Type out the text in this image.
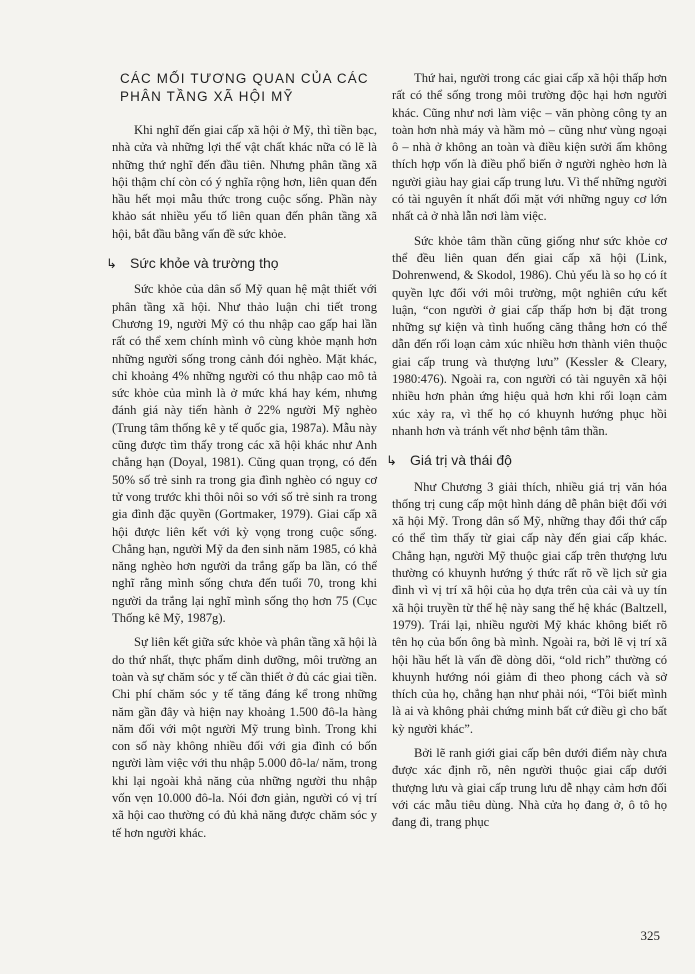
CÁC MỐI TƯƠNG QUAN CỦA CÁC
PHÂN TẦNG XÃ HỘI MỸ

Khi nghĩ đến giai cấp xã hội ở Mỹ, thì tiền bạc, nhà cửa và những lợi thế vật chất khác nữa có lẽ là những thứ nghĩ đến đầu tiên. Nhưng phân tầng xã hội thậm chí còn có ý nghĩa rộng hơn, liên quan đến hầu hết mọi mẫu thức trong cuộc sống. Phần này khảo sát nhiều yếu tố liên quan đến phân tầng xã hội, bắt đầu bằng vấn đề sức khỏe.

↳ Sức khỏe và trường thọ

Sức khỏe của dân số Mỹ quan hệ mật thiết với phân tầng xã hội. Như thảo luận chi tiết trong Chương 19, người Mỹ có thu nhập cao gấp hai lần rất có thể xem chính mình vô cùng khỏe mạnh hơn những người sống trong cảnh đói nghèo. Mặt khác, chỉ khoảng 4% những người có thu nhập cao mô tả sức khỏe của mình là ở mức khá hay kém, nhưng đánh giá này tiến hành ở 22% người Mỹ nghèo (Trung tâm thống kê y tế quốc gia, 1987a). Mẫu này cũng được tìm thấy trong các xã hội khác như Anh chẳng hạn (Doyal, 1981). Cũng quan trọng, có đến 50% số trẻ sinh ra trong gia đình nghèo có nguy cơ tử vong trước khi thôi nôi so với số trẻ sinh ra trong gia đình đặc quyền (Gortmaker, 1979). Giai cấp xã hội được liên kết với kỳ vọng trong cuộc sống. Chẳng hạn, người Mỹ da đen sinh năm 1985, có khả năng nghèo hơn người da trắng gấp ba lần, có thể nghĩ rằng mình sống chưa đến tuổi 70, trong khi người da trắng lại nghĩ mình sống thọ hơn 75 (Cục Thống kê Mỹ, 1987g).

Sự liên kết giữa sức khỏe và phân tầng xã hội là do thứ nhất, thực phẩm dinh dưỡng, môi trường an toàn và sự chăm sóc y tế cần thiết ở đủ các giai tiền. Chi phí chăm sóc y tế tăng đáng kể trong những năm gần đây và hiện nay khoảng 1.500 đô-la hàng năm đối với một người Mỹ trung bình. Trong khi con số này không nhiều đối với gia đình có bốn người làm việc với thu nhập 5.000 đô-la/ năm, trong khi lại ngoài khả năng của những người thu nhập vốn vẹn 10.000 đô-la. Nói đơn giản, người có vị trí xã hội cao thường có đủ khả năng được chăm sóc y tế hơn người khác.

Thứ hai, người trong các giai cấp xã hội thấp hơn rất có thể sống trong môi trường độc hại hơn người khác. Cũng như nơi làm việc – văn phòng công ty an toàn hơn nhà máy và hầm mỏ – cũng như vùng ngoại ô – nhà ở không an toàn và điều kiện sưởi ấm không thích hợp vốn là điều phổ biến ở người nghèo hơn là người giàu hay giai cấp trung lưu. Vì thế những người có tài nguyên ít nhất đối mặt với những nguy cơ lớn nhất cả ở nhà lẫn nơi làm việc.

Sức khỏe tâm thần cũng giống như sức khỏe cơ thể đều liên quan đến giai cấp xã hội (Link, Dohrenwend, & Skodol, 1986). Chủ yếu là so họ có ít quyền lực đối với môi trường, một nghiên cứu kết luận, “con người ở giai cấp thấp hơn bị đặt trong những sự kiện và tình huống căng thẳng hơn có thể dẫn đến rối loạn cảm xúc nhiều hơn thành viên thuộc giai cấp trung và thượng lưu” (Kessler & Cleary, 1980:476). Ngoài ra, con người có tài nguyên xã hội nhiều hơn phản ứng hiệu quả hơn khi rối loạn cảm xúc xảy ra, vì thế họ có khuynh hướng phục hồi nhanh hơn và tránh vết nhơ bệnh tâm thần.

↳ Giá trị và thái độ

Như Chương 3 giải thích, nhiều giá trị văn hóa thống trị cung cấp một hình dáng dễ phân biệt đối với xã hội Mỹ. Trong dân số Mỹ, những thay đổi thứ cấp có thể tìm thấy từ giai cấp này đến giai cấp khác. Chẳng hạn, người Mỹ thuộc giai cấp trên thượng lưu thường có khuynh hướng ý thức rất rõ về lịch sử gia đình vì vị trí xã hội của họ dựa trên của cải và uy tín xã hội truyền từ thế hệ này sang thế hệ khác (Baltzell, 1979). Trái lại, nhiều người Mỹ khác không biết rõ tên họ của bốn ông bà mình. Ngoài ra, bởi lẽ vị trí xã hội hầu hết là vấn đề dòng dõi, “old rich” thường có khuynh hướng nói giảm đi theo phong cách và sở thích của họ, chẳng hạn như phải nói, “Tôi biết mình là ai và không phải chứng minh bất cứ điều gì cho bất kỳ người khác”.

Bởi lẽ ranh giới giai cấp bên dưới điểm này chưa được xác định rõ, nên người thuộc giai cấp dưới thượng lưu và giai cấp trung lưu dễ nhạy cảm hơn đối với các mẫu tiêu dùng. Nhà cửa họ đang ở, ô tô họ đang đi, trang phục

325
